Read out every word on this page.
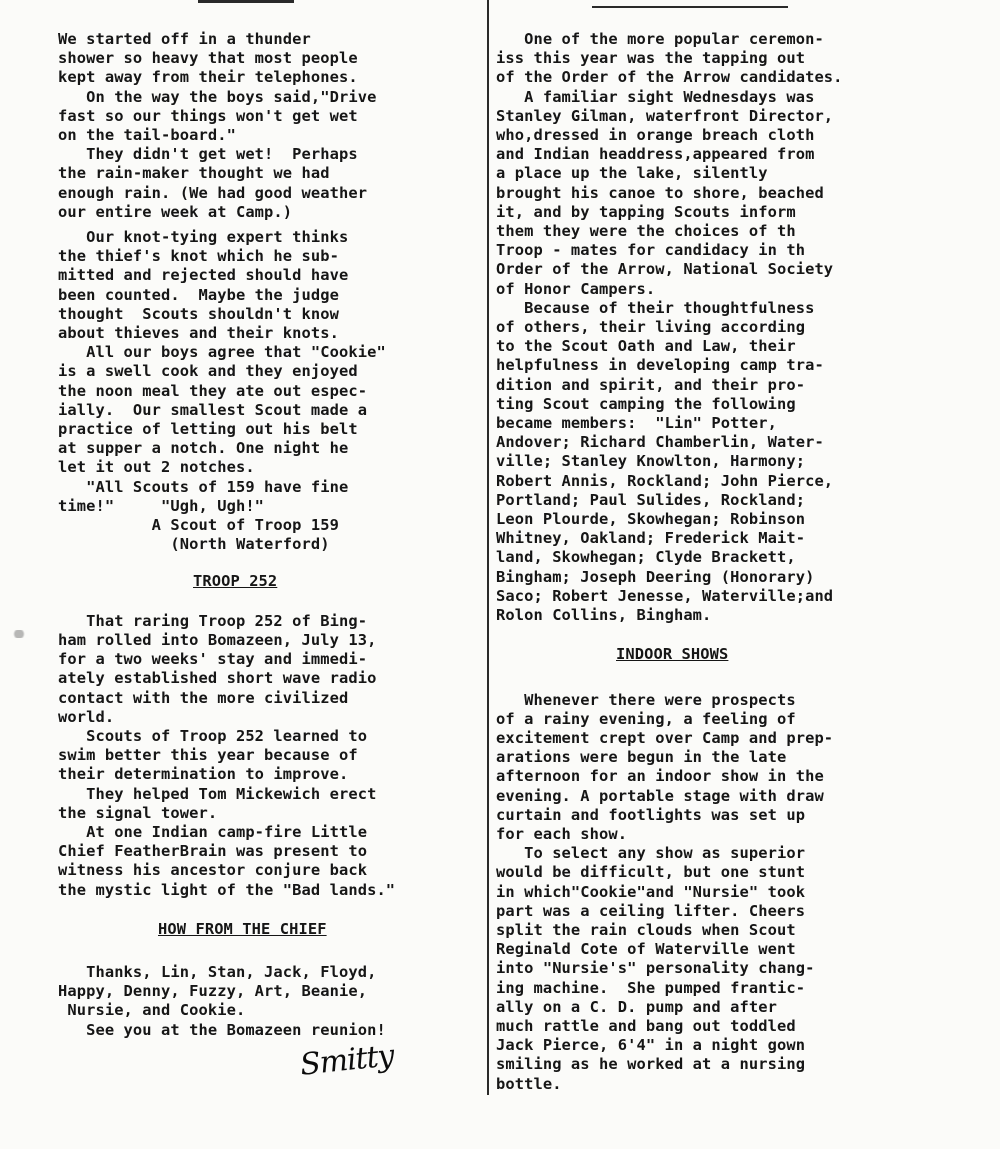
We started off in a thunder
shower so heavy that most people
kept away from their telephones.
On the way the boys said,"Drive
fast so our things won't get wet
on the tail-board."
They didn't get wet!  Perhaps
the rain-maker thought we had
enough rain. (We had good weather
our entire week at Camp.)

Our knot-tying expert thinks
the thief's knot which he sub-
mitted and rejected should have
been counted.  Maybe the judge
thought  Scouts shouldn't know
about thieves and their knots.
All our boys agree that "Cookie"
is a swell cook and they enjoyed
the noon meal they ate out espec-
ially.  Our smallest Scout made a
practice of letting out his belt
at supper a notch. One night he
let it out 2 notches.
"All Scouts of 159 have fine
time!"     "Ugh, Ugh!"

A Scout of Troop 159

(North Waterford)

TROOP 252

That raring Troop 252 of Bing-
ham rolled into Bomazeen, July 13,
for a two weeks' stay and immedi-
ately established short wave radio
contact with the more civilized
world.
Scouts of Troop 252 learned to
swim better this year because of
their determination to improve.
They helped Tom Mickewich erect
the signal tower.
At one Indian camp-fire Little
Chief FeatherBrain was present to
witness his ancestor conjure back
the mystic light of the "Bad lands."

HOW FROM THE CHIEF

Thanks, Lin, Stan, Jack, Floyd,
Happy, Denny, Fuzzy, Art, Beanie,
Nursie, and Cookie.
See you at the Bomazeen reunion!

Smitty

One of the more popular ceremon-
iss this year was the tapping out
of the Order of the Arrow candidates.
A familiar sight Wednesdays was
Stanley Gilman, waterfront Director,
who,dressed in orange breach cloth
and Indian headdress,appeared from
a place up the lake, silently
brought his canoe to shore, beached
it, and by tapping Scouts inform
them they were the choices of th
Troop - mates for candidacy in th
Order of the Arrow, National Society
of Honor Campers.
Because of their thoughtfulness
of others, their living according
to the Scout Oath and Law, their
helpfulness in developing camp tra-
dition and spirit, and their pro-
ting Scout camping the following
became members:  "Lin" Potter,
Andover; Richard Chamberlin, Water-
ville; Stanley Knowlton, Harmony;
Robert Annis, Rockland; John Pierce,
Portland; Paul Sulides, Rockland;
Leon Plourde, Skowhegan; Robinson
Whitney, Oakland; Frederick Mait-
land, Skowhegan; Clyde Brackett,
Bingham; Joseph Deering (Honorary)
Saco; Robert Jenesse, Waterville;and
Rolon Collins, Bingham.

INDOOR SHOWS

Whenever there were prospects
of a rainy evening, a feeling of
excitement crept over Camp and prep-
arations were begun in the late
afternoon for an indoor show in the
evening. A portable stage with draw
curtain and footlights was set up
for each show.
To select any show as superior
would be difficult, but one stunt
in which"Cookie"and "Nursie" took
part was a ceiling lifter. Cheers
split the rain clouds when Scout
Reginald Cote of Waterville went
into "Nursie's" personality chang-
ing machine.  She pumped frantic-
ally on a C. D. pump and after
much rattle and bang out toddled
Jack Pierce, 6'4" in a night gown
smiling as he worked at a nursing
bottle.
